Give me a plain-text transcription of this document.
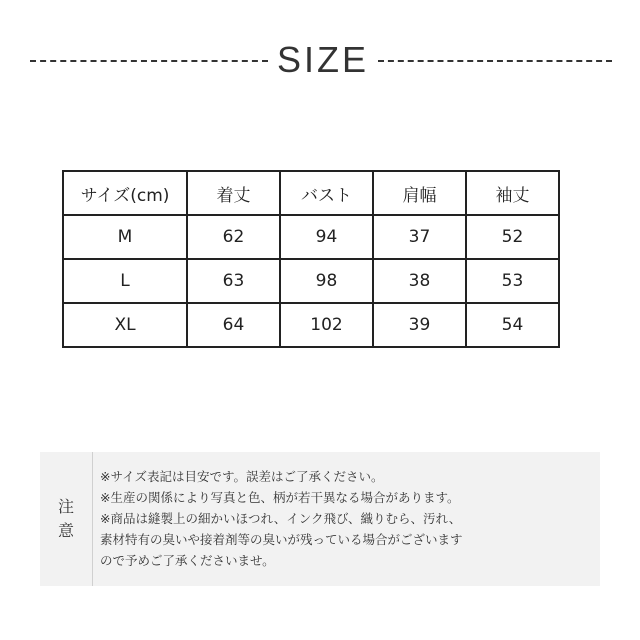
SIZE
サイズ(cm)	着丈	バスト	肩幅	袖丈
M	62	94	37	52
L	63	98	38	53
XL	64	102	39	54
注意
※サイズ表記は目安です。誤差はご了承ください。
※生産の関係により写真と色、柄が若干異なる場合があります。
※商品は縫製上の細かいほつれ、インク飛び、織りむら、汚れ、
素材特有の臭いや接着剤等の臭いが残っている場合がございます
ので予めご了承くださいませ。
